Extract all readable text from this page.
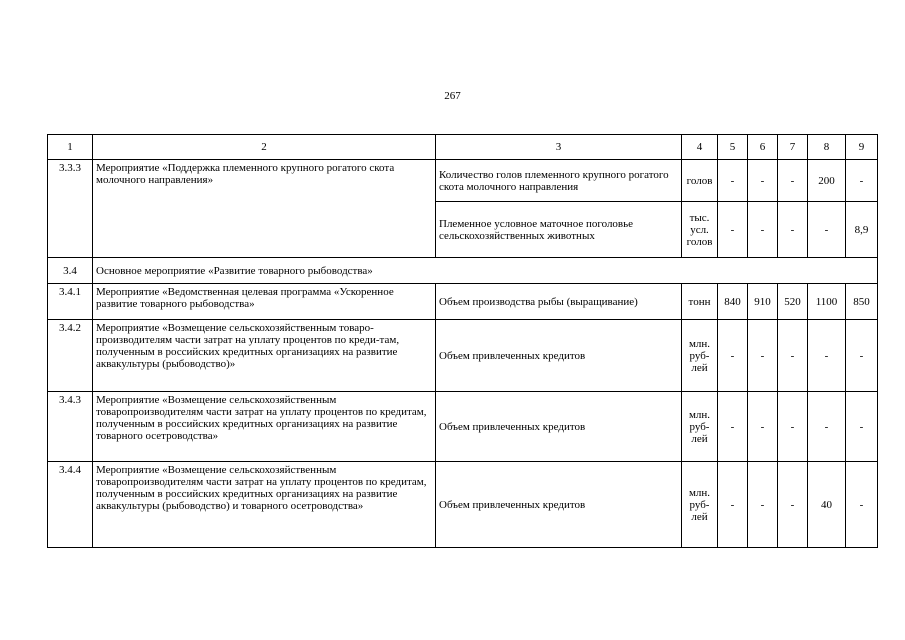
267
1	2	3	4	5	6	7	8	9
3.3.3	Мероприятие «Поддержка племенного крупного рогатого скота молочного направления»	Количество голов племенного крупного рогатого скота молочного направления	голов	-	-	-	200	-
		Племенное условное маточное поголовье сельскохозяйственных животных	тыс. усл. голов	-	-	-	-	8,9
3.4	Основное мероприятие «Развитие товарного рыбоводства»							
3.4.1	Мероприятие «Ведомственная целевая программа «Ускоренное развитие товарного рыбоводства»	Объем производства рыбы (выращивание)	тонн	840	910	520	1100	850
3.4.2	Мероприятие «Возмещение сельскохозяйственным товаро-производителям части затрат на уплату процентов по креди-там, полученным в российских кредитных организациях на развитие аквакультуры (рыбоводство)»	Объем привлеченных кредитов	млн. руб-лей	-	-	-	-	-
3.4.3	Мероприятие «Возмещение сельскохозяйственным товаропроизводителям части затрат на уплату процентов по кредитам, полученным в российских кредитных организациях на развитие товарного осетроводства»	Объем привлеченных кредитов	млн. руб-лей	-	-	-	-	-
3.4.4	Мероприятие «Возмещение сельскохозяйственным товаропроизводителям части затрат на уплату процентов по кредитам, полученным в российских кредитных организациях на развитие аквакультуры (рыбоводство) и товарного осетроводства»	Объем привлеченных кредитов	млн. руб-лей	-	-	-	40	-
